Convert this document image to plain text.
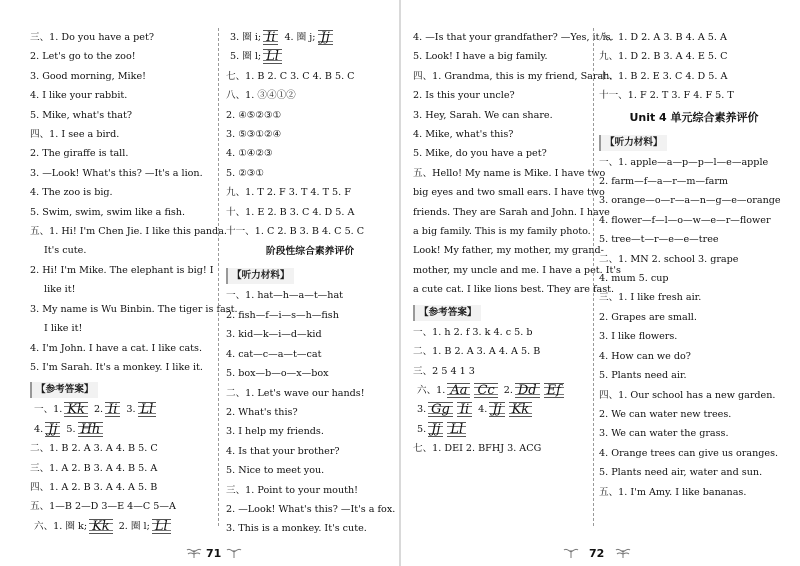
三、1. Do you have a pet?
2. Let's go to the zoo!
3. Good morning, Mike!
4. I like your rabbit.
5. Mike, what's that?
四、1. I see a bird.
2. The giraffe is tall.
3. —Look! What's this? —It's a lion.
4. The zoo is big.
5. Swim, swim, swim like a fish.
五、1. Hi! I'm Chen Jie. I like this panda.
It's cute.
2. Hi! I'm Mike. The elephant is big! I
like it!
3. My name is Wu Binbin. The tiger is fast.
I like it!
4. I'm John. I have a cat. I like cats.
5. I'm Sarah. It's a monkey. I like it.
【参考答案】
一、1. Kk 2. Ii 3. Ll
4. Jj 5. Hh
二、1. B 2. A 3. A 4. B 5. C
三、1. A 2. B 3. A 4. B 5. A
四、1. A 2. B 3. A 4. A 5. B
五、1—B 2—D 3—E 4—C 5—A
六、1. 圈 k; Kk 2. 圈 l; Ll
3. 圈 i; Ii 4. 圈 j; Jj
5. 圈 l; Ll
七、1. B 2. C 3. C 4. B 5. C
八、1. ③④①②
2. ④⑤②③①
3. ⑤③①②④
4. ①④②③
5. ②③①
九、1. T 2. F 3. T 4. T 5. F
十、1. E 2. B 3. C 4. D 5. A
十一、1. C 2. B 3. B 4. C 5. C
阶段性综合素养评价
【听力材料】
一、1. hat—h—a—t—hat
2. fish—f—i—s—h—fish
3. kid—k—i—d—kid
4. cat—c—a—t—cat
5. box—b—o—x—box
二、1. Let's wave our hands!
2. What's this?
3. I help my friends.
4. Is that your brother?
5. Nice to meet you.
三、1. Point to your mouth!
2. —Look! What's this? —It's a fox.
3. This is a monkey. It's cute.
71
4. —Is that your grandfather? —Yes, it is.
5. Look! I have a big family.
四、1. Grandma, this is my friend, Sarah.
2. Is this your uncle?
3. Hey, Sarah. We can share.
4. Mike, what's this?
5. Mike, do you have a pet?
五、Hello! My name is Mike. I have two
big eyes and two small ears. I have two
friends. They are Sarah and John. I have
a big family. This is my family photo.
Look! My father, my mother, my grand-
mother, my uncle and me. I have a pet. It's
a cute cat. I like lions best. They are fast.
【参考答案】
一、1. h 2. f 3. k 4. c 5. b
二、1. B 2. A 3. A 4. A 5. B
三、2 5 4 1 3
六、1. Aa Cc 2. Dd Ef
3. Gg Ii 4. Jj Kk
5. Jj Ll
七、1. DEI 2. BFHJ 3. ACG
八、1. D 2. A 3. B 4. A 5. A
九、1. D 2. B 3. A 4. E 5. C
十、1. B 2. E 3. C 4. D 5. A
十一、1. F 2. T 3. F 4. F 5. T
Unit 4 单元综合素养评价
【听力材料】
一、1. apple—a—p—p—l—e—apple
2. farm—f—a—r—m—farm
3. orange—o—r—a—n—g—e—orange
4. flower—f—l—o—w—e—r—flower
5. tree—t—r—e—e—tree
二、1. MN 2. school 3. grape
4. mum 5. cup
三、1. I like fresh air.
2. Grapes are small.
3. I like flowers.
4. How can we do?
5. Plants need air.
四、1. Our school has a new garden.
2. We can water new trees.
3. We can water the grass.
4. Orange trees can give us oranges.
5. Plants need air, water and sun.
五、1. I'm Amy. I like bananas.
72
